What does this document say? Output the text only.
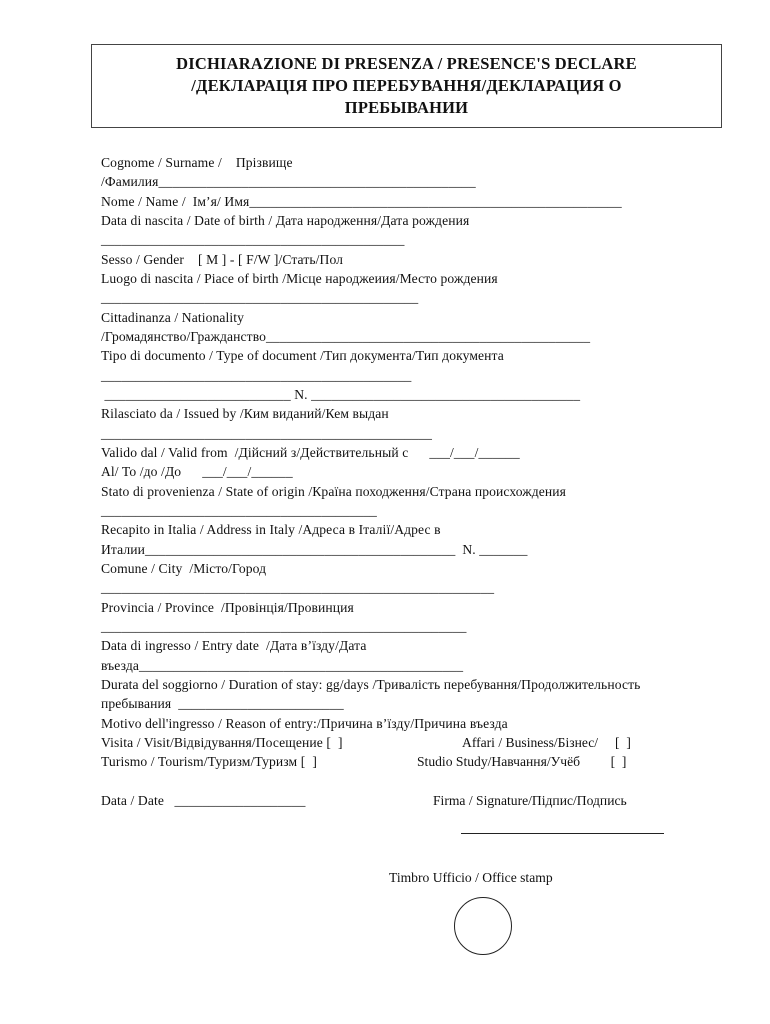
DICHIARAZIONE DI PRESENZA / PRESENCE'S DECLARE
/ДЕКЛАРАЦІЯ ПРО ПЕРЕБУВАННЯ/ДЕКЛАРАЦИЯ О
ПРЕБЫВАНИИ
Cognome / Surname /    Прізвище
/Фамилия______________________________________________
Nome / Name /  Ім’я/ Имя______________________________________________________
Data di nascita / Date of birth / Дата народження/Дата рождения
____________________________________________
Sesso / Gender    [ M ] - [ F/W ]/Стать/Пол
Luogo di nascita / Piace of birth /Місце народжеиия/Место рождения
______________________________________________
Cittadinanza / Nationality
/Громадянство/Гражданство_______________________________________________
Tipo di documento / Type of document /Тип документа/Тип документа
_____________________________________________
___________________________ N. _______________________________________
Rilasciato da / Issued by /Ким виданий/Кем выдан
________________________________________________
Valido dal / Valid from  /Дійсний з/Действительный с      ___/___/______
Al/ To /до /До      ___/___/______
Stato di provenienza / State of origin /Країна походження/Страна происхождения
________________________________________
Recapito in Italia / Address in Italy /Адреса в Італії/Адрес в
Италии_____________________________________________  N. _______
Comune / City  /Місто/Город
_________________________________________________________
Provincia / Province  /Провінція/Провинция
_____________________________________________________
Data di ingresso / Entry date  /Дата в’їзду/Дата
въезда_______________________________________________
Durata del soggiorno / Duration of stay: gg/days /Тривалість перебування/Продолжительность
пребывания  ________________________
Motivo dell'ingresso / Reason of entry:/Причина в’їзду/Причина въезда
Visita / Visit/Відвідування/Посещение [  ]
Turismo / Tourism/Туризм/Туризм [  ]
Affari / Business/Бізнес/     [  ]
Studio Study/Навчання/Учёб         [  ]
Data / Date   ___________________	Firma / Signature/Підпис/Подпись
Timbro Ufficio / Office stamp
